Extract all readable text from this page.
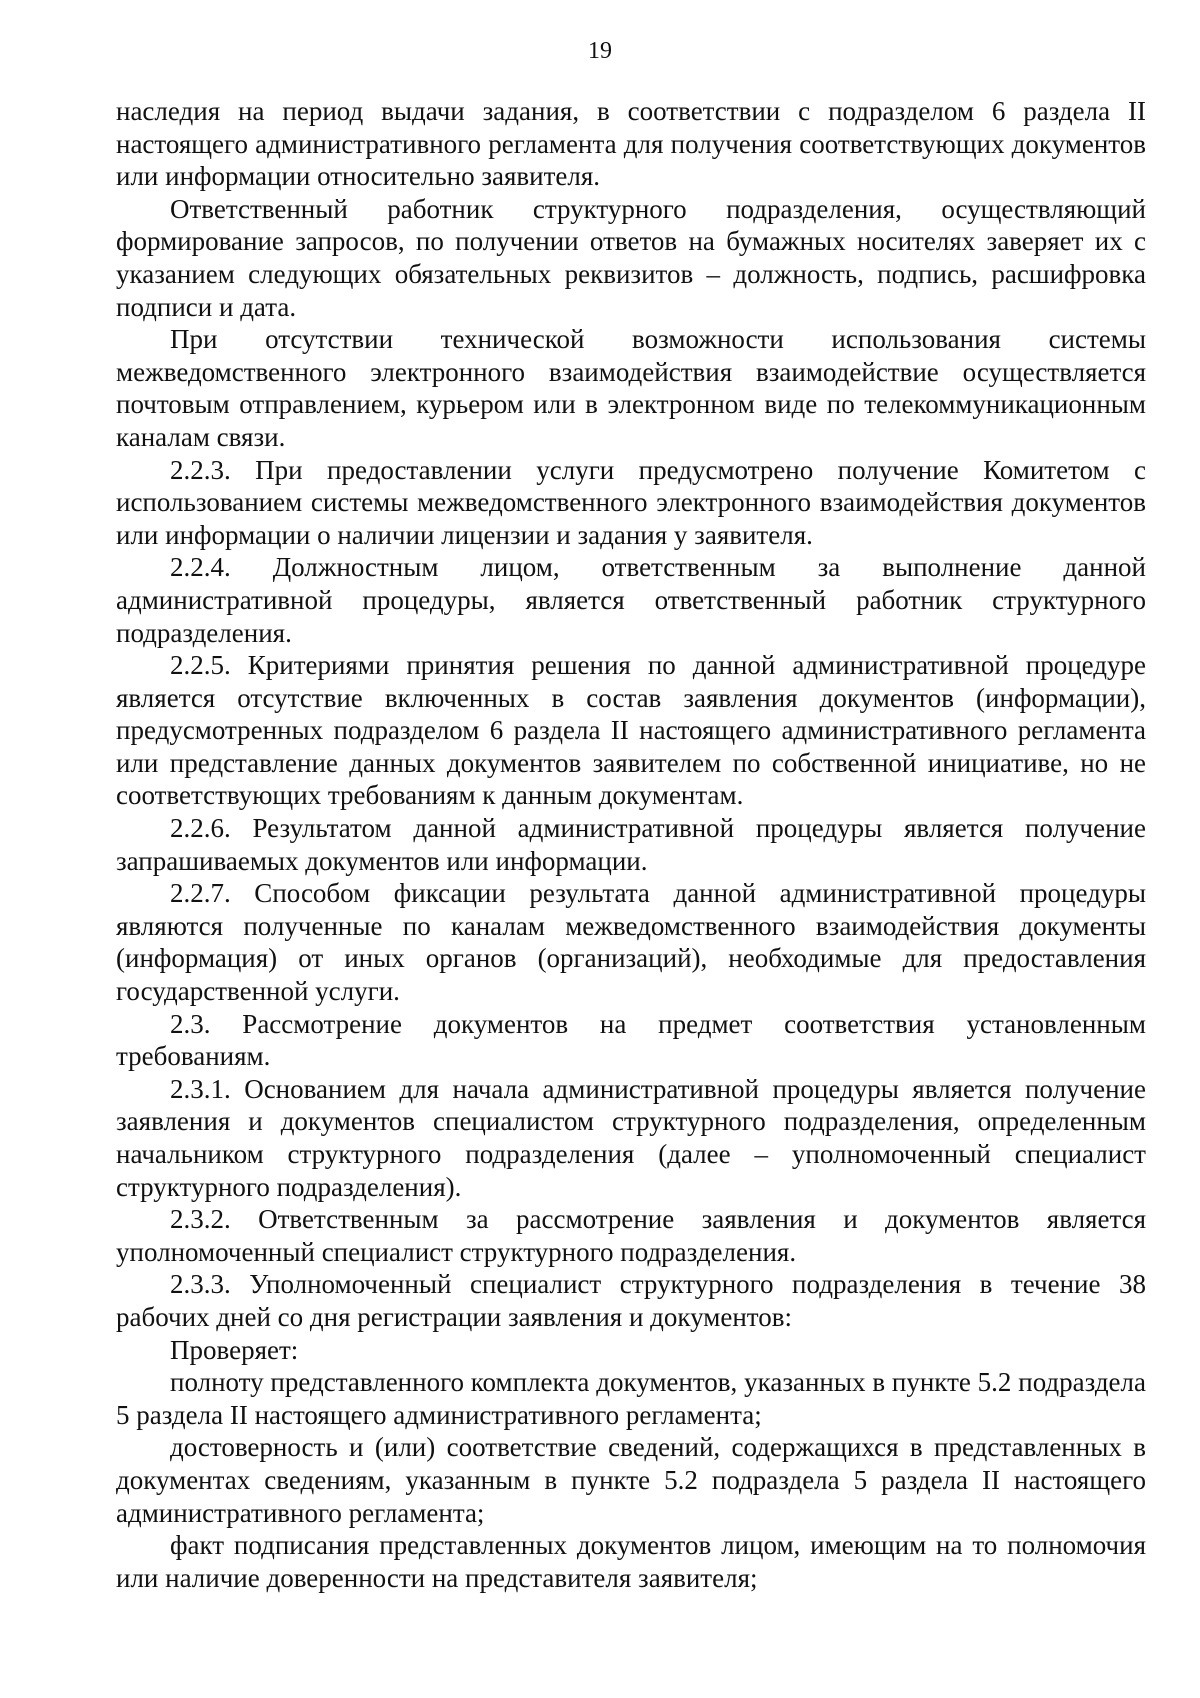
19

наследия на период выдачи задания, в соответствии с подразделом 6 раздела II настоящего административного регламента для получения соответствующих документов или информации относительно заявителя.

Ответственный работник структурного подразделения, осуществляющий формирование запросов, по получении ответов на бумажных носителях заверяет их с указанием следующих обязательных реквизитов – должность, подпись, расшифровка подписи и дата.

При отсутствии технической возможности использования системы межведомственного электронного взаимодействия взаимодействие осуществляется почтовым отправлением, курьером или в электронном виде по телекоммуникационным каналам связи.

2.2.3. При предоставлении услуги предусмотрено получение Комитетом с использованием системы межведомственного электронного взаимодействия документов или информации о наличии лицензии и задания у заявителя.

2.2.4. Должностным лицом, ответственным за выполнение данной административной процедуры, является ответственный работник структурного подразделения.

2.2.5. Критериями принятия решения по данной административной процедуре является отсутствие включенных в состав заявления документов (информации), предусмотренных подразделом 6 раздела II настоящего административного регламента или представление данных документов заявителем по собственной инициативе, но не соответствующих требованиям к данным документам.

2.2.6. Результатом данной административной процедуры является получение запрашиваемых документов или информации.

2.2.7. Способом фиксации результата данной административной процедуры являются полученные по каналам межведомственного взаимодействия документы (информация) от иных органов (организаций), необходимые для предоставления государственной услуги.

2.3. Рассмотрение документов на предмет соответствия установленным требованиям.

2.3.1. Основанием для начала административной процедуры является получение заявления и документов специалистом структурного подразделения, определенным начальником структурного подразделения (далее – уполномоченный специалист структурного подразделения).

2.3.2. Ответственным за рассмотрение заявления и документов является уполномоченный специалист структурного подразделения.

2.3.3. Уполномоченный специалист структурного подразделения в течение 38 рабочих дней со дня регистрации заявления и документов:

Проверяет:

полноту представленного комплекта документов, указанных в пункте 5.2 подраздела 5 раздела II настоящего административного регламента;

достоверность и (или) соответствие сведений, содержащихся в представленных в документах сведениям, указанным в пункте 5.2 подраздела 5 раздела II настоящего административного регламента;

факт подписания представленных документов лицом, имеющим на то полномочия или наличие доверенности на представителя заявителя;
